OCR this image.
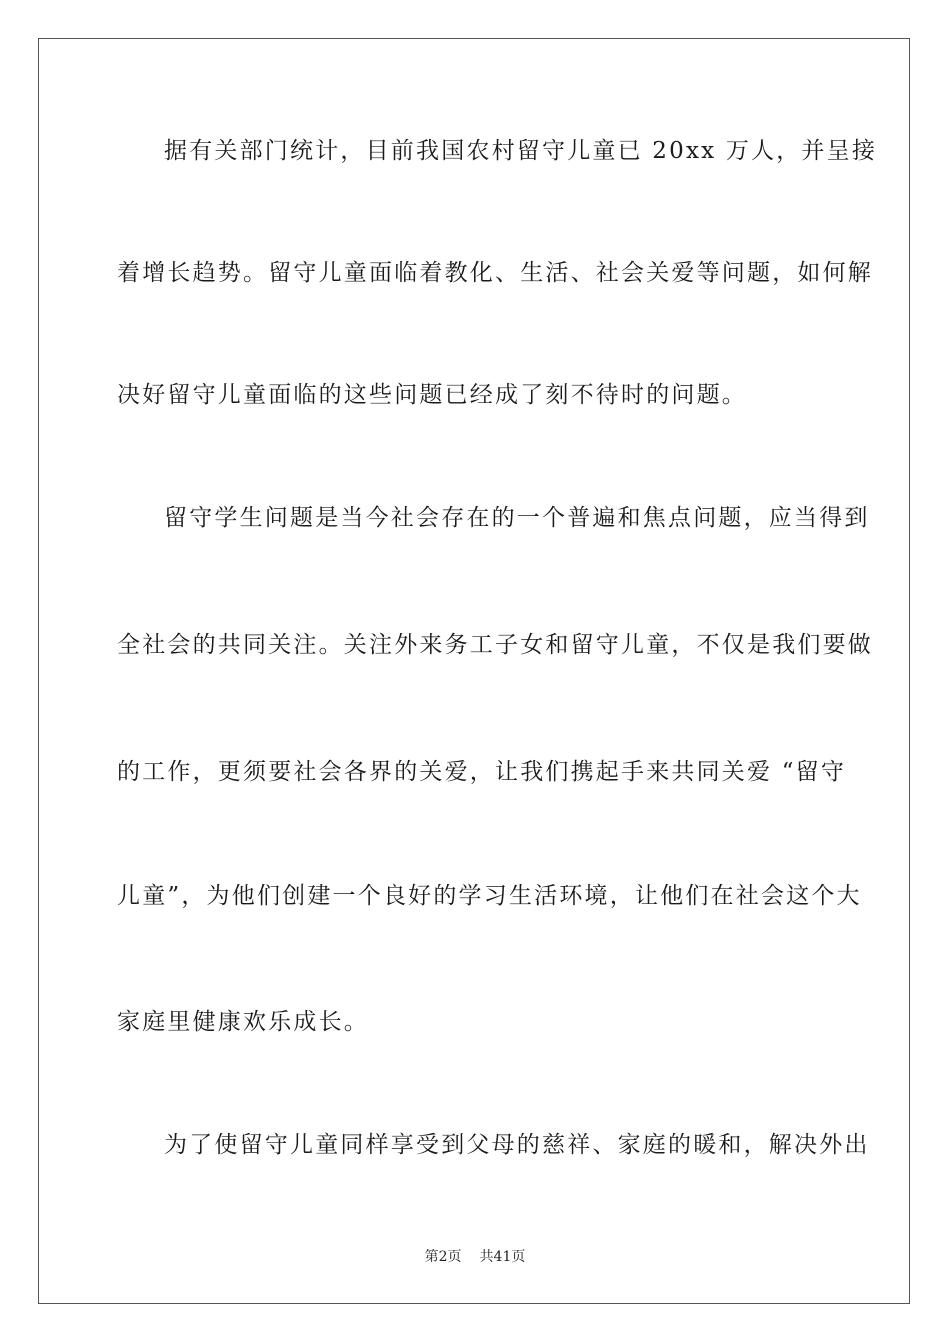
据有关部门统计，目前我国农村留守儿童已 20xx 万人，并呈接
着增长趋势。留守儿童面临着教化、生活、社会关爱等问题，如何解
决好留守儿童面临的这些问题已经成了刻不待时的问题。
留守学生问题是当今社会存在的一个普遍和焦点问题，应当得到
全社会的共同关注。关注外来务工子女和留守儿童，不仅是我们要做
的工作，更须要社会各界的关爱，让我们携起手来共同关爱 “留守
儿童”，为他们创建一个良好的学习生活环境，让他们在社会这个大
家庭里健康欢乐成长。
为了使留守儿童同样享受到父母的慈祥、家庭的暖和，解决外出
第2页 共41页
